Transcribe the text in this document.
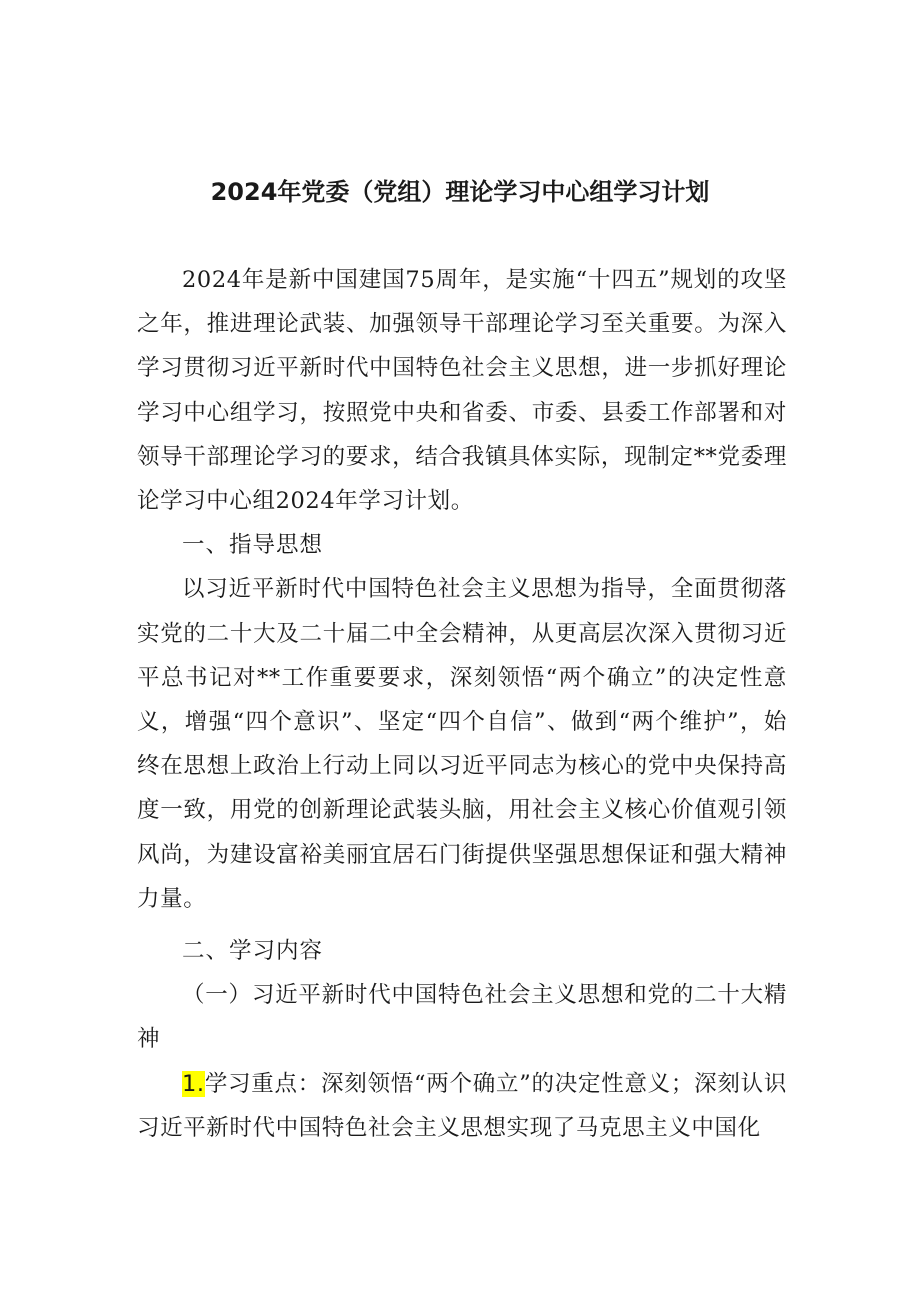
2024年党委（党组）理论学习中心组学习计划

2024年是新中国建国75周年，是实施“十四五”规划的攻坚之年，推进理论武装、加强领导干部理论学习至关重要。为深入学习贯彻习近平新时代中国特色社会主义思想，进一步抓好理论学习中心组学习，按照党中央和省委、市委、县委工作部署和对领导干部理论学习的要求，结合我镇具体实际，现制定**党委理论学习中心组2024年学习计划。

一、指导思想

以习近平新时代中国特色社会主义思想为指导，全面贯彻落实党的二十大及二十届二中全会精神，从更高层次深入贯彻习近平总书记对**工作重要要求，深刻领悟“两个确立”的决定性意义，增强“四个意识”、坚定“四个自信”、做到“两个维护”，始终在思想上政治上行动上同以习近平同志为核心的党中央保持高度一致，用党的创新理论武装头脑，用社会主义核心价值观引领风尚，为建设富裕美丽宜居石门街提供坚强思想保证和强大精神力量。

二、学习内容

（一）习近平新时代中国特色社会主义思想和党的二十大精神

1.学习重点：深刻领悟“两个确立”的决定性意义；深刻认识习近平新时代中国特色社会主义思想实现了马克思主义中国化
